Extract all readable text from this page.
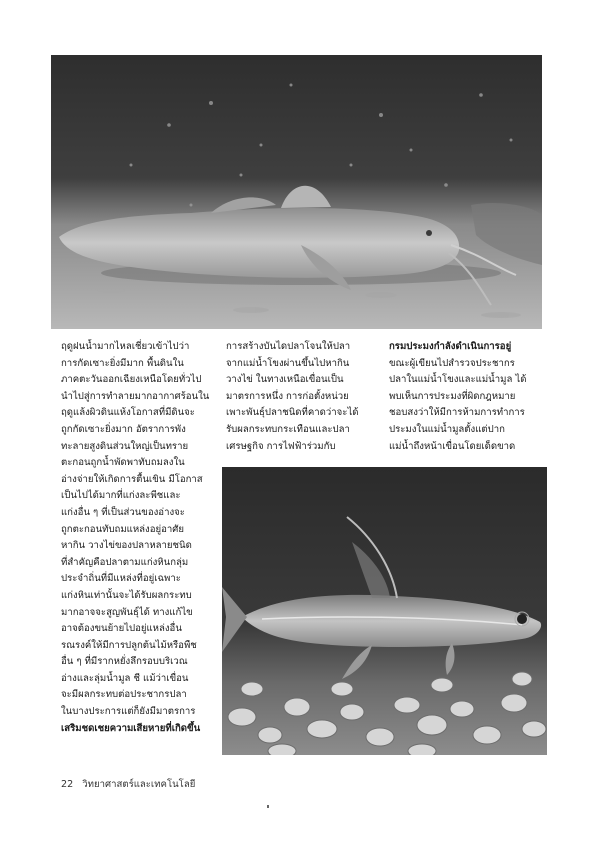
ฤดูฝนน้ำมากไหลเชี่ยวเข้าไปว่า
การกัดเซาะยิ่งมีมาก พื้นดินใน
ภาคตะวันออกเฉียงเหนือโดยทั่วไป
นำไปสู่การทำลายมากอากาศร้อนใน
ฤดูแล้งผิวดินแห้งโอกาสที่มีดินจะ
ถูกกัดเซาะยิ่งมาก อัตราการพัง
ทะลายสูงดินส่วนใหญ่เป็นทราย
ตะกอนถูกน้ำพัดพาทับถมลงใน
อ่างจ่ายให้เกิดการตื้นเขิน มีโอกาส
เป็นไปได้มากที่แก่งละพีชและ
แก่งอื่น ๆ ที่เป็นส่วนของอ่างจะ
ถูกตะกอนทับถมแหล่งอยู่อาศัย
หากิน วางไข่ของปลาหลายชนิด
ที่สำคัญคือปลาตามแก่งหินกลุ่ม
ประจำถิ่นที่มีแหล่งที่อยู่เฉพาะ
แก่งหินเท่านั้นจะได้รับผลกระทบ
มากอาจจะสูญพันธุ์ได้ ทางแก้ไข
อาจต้องขนย้ายไปอยู่แหล่งอื่น
รณรงค์ให้มีการปลูกต้นไม้หรือพืช
อื่น ๆ ที่มีรากหยั่งลึกรอบบริเวณ
อ่างและลุ่มน้ำมูล ชี แม้ว่าเขื่อน
จะมีผลกระทบต่อประชากรปลา
ในบางประการแต่ก็ยังมีมาตรการ
เสริมชดเชยความเสียหายที่เกิดขึ้น
การสร้างบันไดปลาโจนให้ปลา
จากแม่น้ำโขงผ่านขึ้นไปหากิน
วางไข่ ในทางเหนือเขื่อนเป็น
มาตรการหนึ่ง การก่อตั้งหน่วย
เพาะพันธุ์ปลาชนิดที่คาดว่าจะได้
รับผลกระทบกระเทือนและปลา
เศรษฐกิจ การไฟฟ้าร่วมกับ
กรมประมงกำลังดำเนินการอยู่
ขณะผู้เขียนไปสำรวจประชากร
ปลาในแม่น้ำโขงและแม่น้ำมูล ได้
พบเห็นการประมงที่ผิดกฎหมาย
ชอบสงว่าให้มีการห้ามการทำการ
ประมงในแม่น้ำมูลตั้งแต่ปาก
แม่น้ำถึงหน้าเขื่อนโดยเด็ดขาด
22 วิทยาศาสตร์และเทคโนโลยี
